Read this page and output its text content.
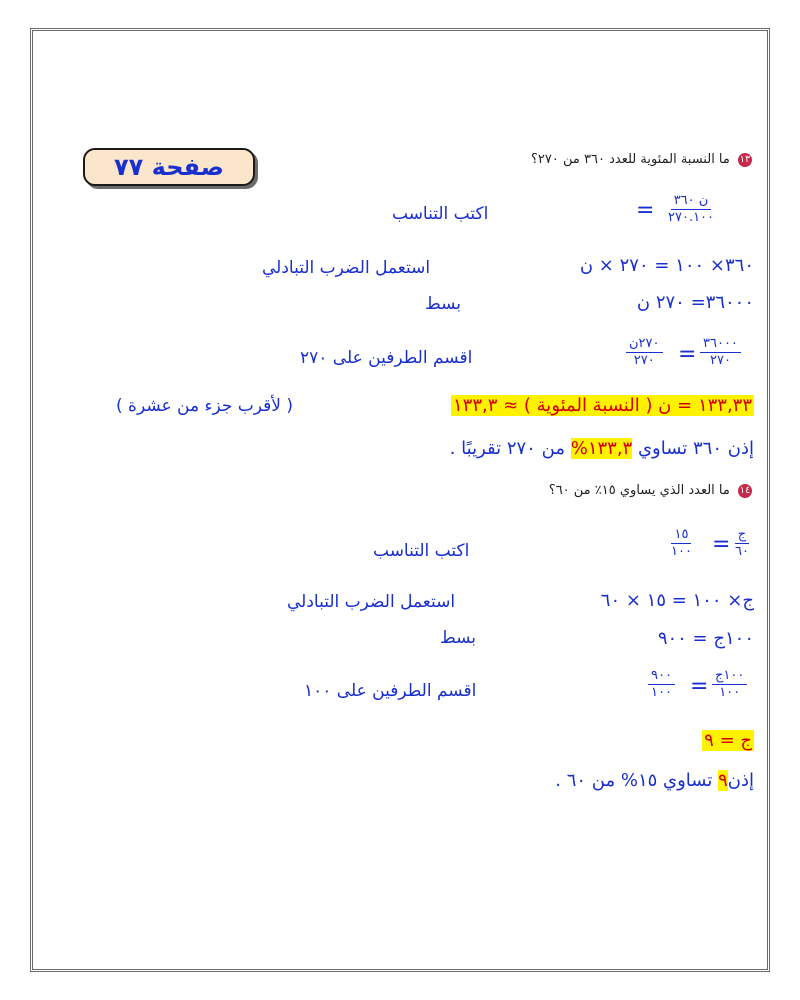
صفحة ٧٧	١٣ ما النسبة المئوية للعدد ٣٦٠ من ٢٧٠؟
ن ٣٦٠
٢٧٠.١٠٠
=
اكتب التناسب
٣٦٠× ١٠٠ = ٢٧٠ × ن
استعمل الضرب التبادلي
٣٦٠٠٠= ٢٧٠ ن
بسط
٣٦٠٠٠
٢٧٠
=
٢٧٠ن
٢٧٠
اقسم الطرفين على ٢٧٠
١٣٣,٣٣ = ن ( النسبة المئوية ) ≈ ١٣٣,٣
( لأقرب جزء من عشرة )
إذن ٣٦٠ تساوي ١٣٣,٣% من ٢٧٠ تقريبًا .
١٤ ما العدد الذي يساوي ١٥٪ من ٦٠؟
ج
٦٠
=
١٥
١٠٠
اكتب التناسب
ج× ١٠٠ = ١٥ × ٦٠
استعمل الضرب التبادلي
١٠٠ج = ٩٠٠
بسط
١٠٠ج
١٠٠
=
٩٠٠
١٠٠
اقسم الطرفين على ١٠٠
ج = ٩
إذن٩ تساوي ١٥% من ٦٠ .
